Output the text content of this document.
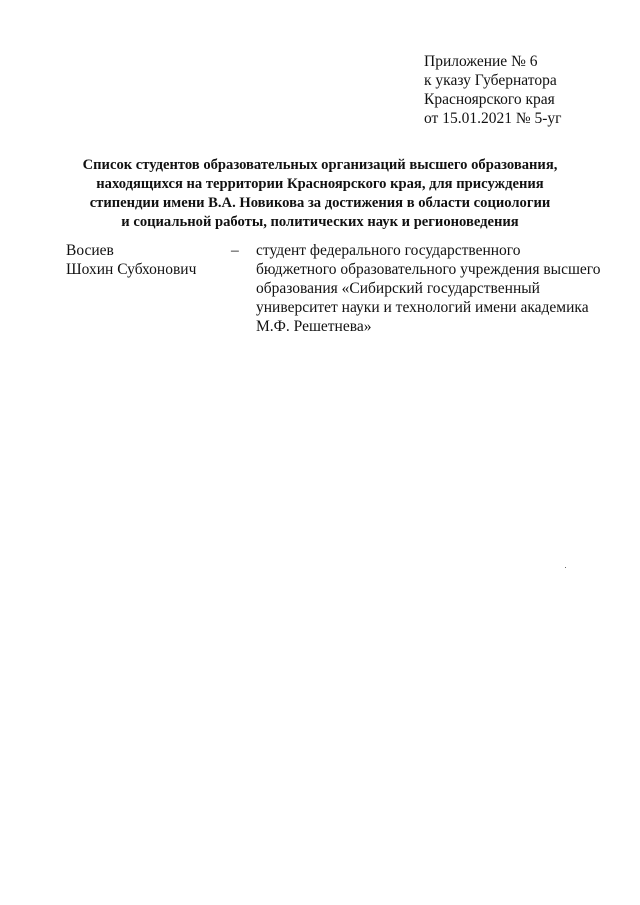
Приложение № 6
к указу Губернатора
Красноярского края
от 15.01.2021 № 5-уг
Список студентов образовательных организаций высшего образования,
находящихся на территории Красноярского края, для присуждения
стипендии имени В.А. Новикова за достижения в области социологии
и социальной работы, политических наук и регионоведения
Восиев
Шохин Субхонович
– студент федерального государственного
бюджетного образовательного учреждения высшего
образования «Сибирский государственный
университет науки и технологий имени академика
М.Ф. Решетнева»
